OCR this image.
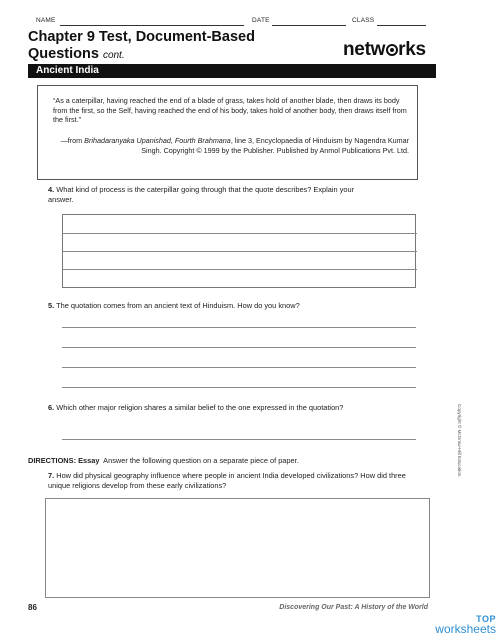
NAME	DATE	CLASS
Chapter 9 Test, Document-Based
Questions cont.	netw rks
Ancient India
“As a caterpillar, having reached the end of a blade of grass, takes hold of another blade, then draws its body from the first, so the Self, having reached the end of his body, takes hold of another body, then draws itself from the first.”
—from Brihadaranyaka Upanishad, Fourth Brahmana, line 3, Encyclopaedia of Hinduism by Nagendra Kumar Singh. Copyright © 1999 by the Publisher. Published by Anmol Publications Pvt. Ltd.
4. What kind of process is the caterpillar going through that the quote describes? Explain your answer.
5. The quotation comes from an ancient text of Hinduism. How do you know?
6. Which other major religion shares a similar belief to the one expressed in the quotation?
DIRECTIONS: Essay Answer the following question on a separate piece of paper.
7. How did physical geography influence where people in ancient India developed civilizations? How did three unique religions develop from these early civilizations?
Copyright © McGraw-Hill Education.
86	Discovering Our Past: A History of the World
TOP
worksheets
